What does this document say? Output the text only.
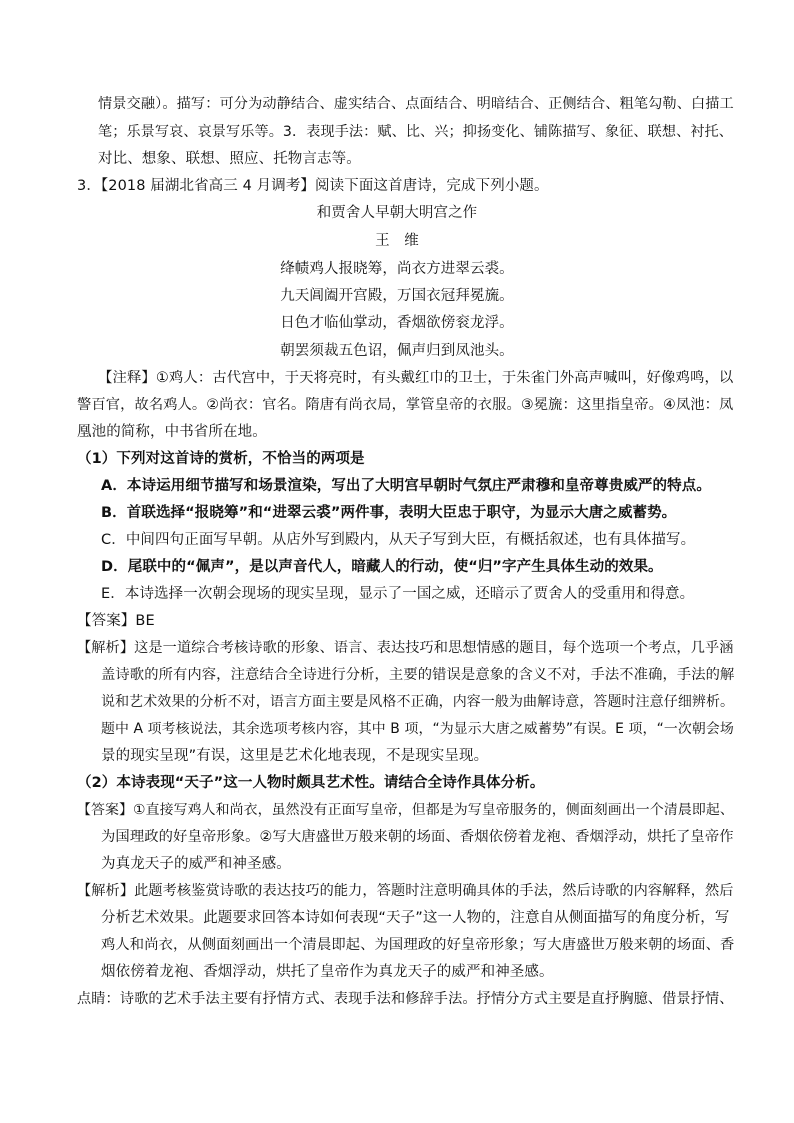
情景交融）。描写：可分为动静结合、虚实结合、点面结合、明暗结合、正侧结合、粗笔勾勒、白描工
笔；乐景写哀、哀景写乐等。3．表现手法：赋、比、兴；抑扬变化、铺陈描写、象征、联想、衬托、
对比、想象、联想、照应、托物言志等。
3．【2018 届湖北省高三 4 月调考】阅读下面这首唐诗，完成下列小题。
和贾舍人早朝大明宫之作
王　维
绛帻鸡人报晓筹，尚衣方进翠云裘。
九天阊阖开宫殿，万国衣冠拜冕旒。
日色才临仙掌动，香烟欲傍衮龙浮。
朝罢须裁五色诏，佩声归到凤池头。
【注释】①鸡人：古代宫中，于天将亮时，有头戴红巾的卫士，于朱雀门外高声喊叫，好像鸡鸣，以
警百官，故名鸡人。②尚衣：官名。隋唐有尚衣局，掌管皇帝的衣服。③冕旒：这里指皇帝。④凤池：凤
凰池的简称，中书省所在地。
（1）下列对这首诗的赏析，不恰当的两项是
A．本诗运用细节描写和场景渲染，写出了大明宫早朝时气氛庄严肃穆和皇帝尊贵威严的特点。
B．首联选择“报晓筹”和“进翠云裘”两件事，表明大臣忠于职守，为显示大唐之威蓄势。
C．中间四句正面写早朝。从店外写到殿内，从天子写到大臣，有概括叙述，也有具体描写。
D．尾联中的“佩声”，是以声音代人，暗藏人的行动，使“归”字产生具体生动的效果。
E．本诗选择一次朝会现场的现实呈现，显示了一国之威，还暗示了贾舍人的受重用和得意。
【答案】BE
【解析】这是一道综合考核诗歌的形象、语言、表达技巧和思想情感的题目，每个选项一个考点，几乎涵
盖诗歌的所有内容，注意结合全诗进行分析，主要的错误是意象的含义不对，手法不准确，手法的解
说和艺术效果的分析不对，语言方面主要是风格不正确，内容一般为曲解诗意，答题时注意仔细辨析。
题中 A 项考核说法，其余选项考核内容，其中 B 项，“为显示大唐之威蓄势”有误。E 项，“一次朝会场
景的现实呈现”有误，这里是艺术化地表现，不是现实呈现。
（2）本诗表现“天子”这一人物时颇具艺术性。请结合全诗作具体分析。
【答案】①直接写鸡人和尚衣，虽然没有正面写皇帝，但都是为写皇帝服务的，侧面刻画出一个清晨即起、
为国理政的好皇帝形象。②写大唐盛世万般来朝的场面、香烟依傍着龙袍、香烟浮动，烘托了皇帝作
为真龙天子的威严和神圣感。
【解析】此题考核鉴赏诗歌的表达技巧的能力，答题时注意明确具体的手法，然后诗歌的内容解释，然后
分析艺术效果。此题要求回答本诗如何表现“天子”这一人物的，注意自从侧面描写的角度分析，写
鸡人和尚衣，从侧面刻画出一个清晨即起、为国理政的好皇帝形象；写大唐盛世万般来朝的场面、香
烟依傍着龙袍、香烟浮动，烘托了皇帝作为真龙天子的威严和神圣感。
点睛：诗歌的艺术手法主要有抒情方式、表现手法和修辞手法。抒情分方式主要是直抒胸臆、借景抒情、
